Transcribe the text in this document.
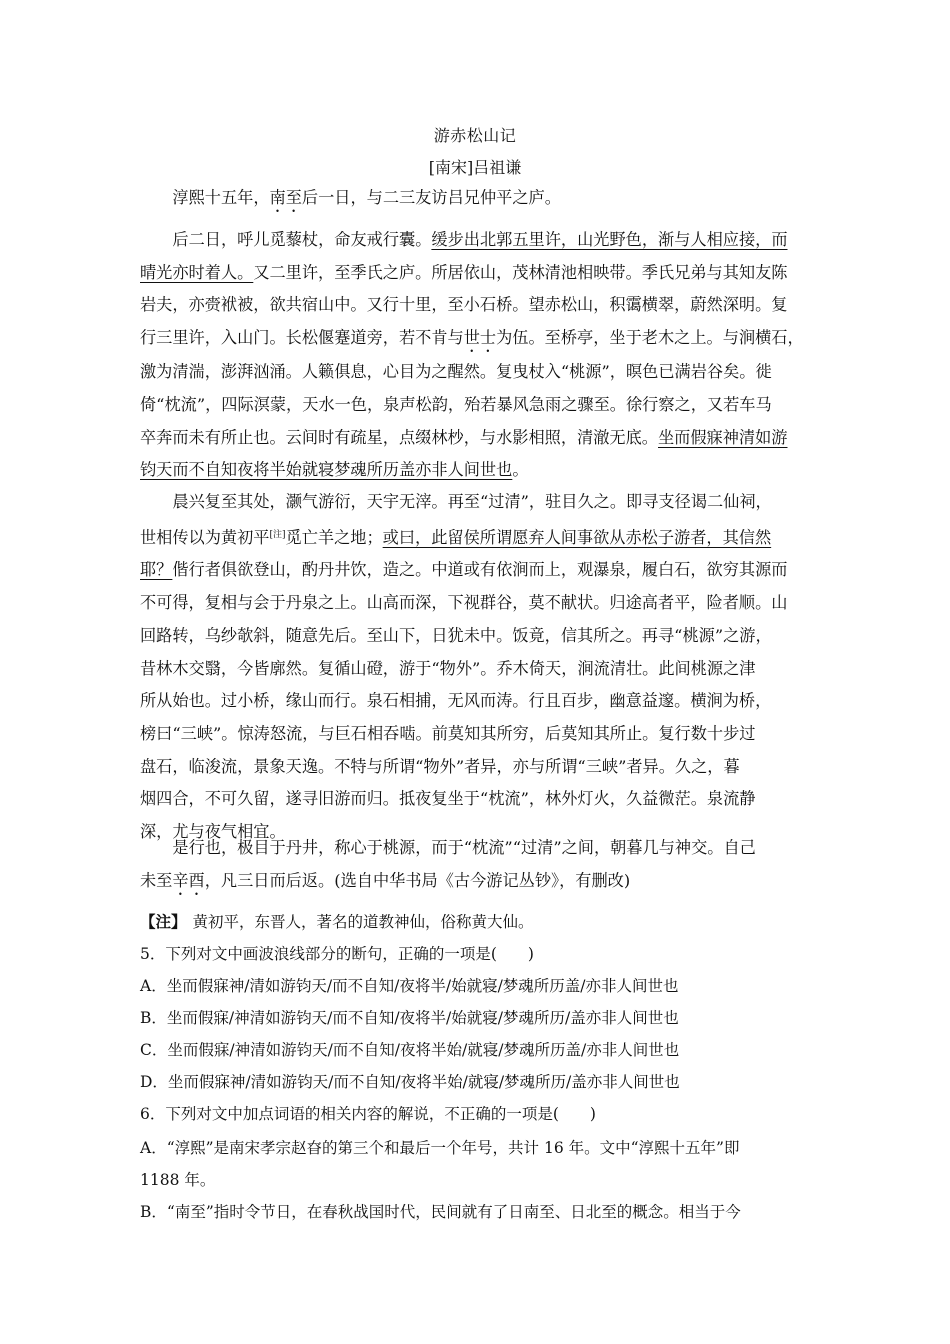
游赤松山记
[南宋]吕祖谦
淳熙十五年，南至后一日，与二三友访吕兄仲平之庐。
后二日，呼儿觅藜杖，命友戒行囊。缓步出北郭五里许，山光野色，渐与人相应接，而
晴光亦时着人。又二里许，至季氏之庐。所居依山，茂林清池相映带。季氏兄弟与其知友陈
岩夫，亦赍袱被，欲共宿山中。又行十里，至小石桥。望赤松山，积霭横翠，蔚然深明。复
行三里许，入山门。长松偃蹇道旁，若不肯与世士为伍。至桥亭，坐于老木之上。与涧横石，
激为清湍，澎湃汹涌。人籁俱息，心目为之醒然。复曳杖入“桃源”，暝色已满岩谷矣。徙
倚“枕流”，四际溟蒙，天水一色，泉声松韵，殆若暴风急雨之骤至。徐行察之，又若车马
卒奔而未有所止也。云间时有疏星，点缀林杪，与水影相照，清澈无底。坐而假寐神清如游
钧天而不自知夜将半始就寝梦魂所历盖亦非人间世也。
晨兴复至其处，灏气游衍，天宇无滓。再至“过清”，驻目久之。即寻支径谒二仙祠，
世相传以为黄初平[注]觅亡羊之地；或曰，此留侯所谓愿弃人间事欲从赤松子游者，其信然
耶？偕行者俱欲登山，酌丹井饮，造之。中道或有依涧而上，观瀑泉，履白石，欲穷其源而
不可得，复相与会于丹泉之上。山高而深，下视群谷，莫不献状。归途高者平，险者顺。山
回路转，乌纱欹斜，随意先后。至山下，日犹未中。饭竟，信其所之。再寻“桃源”之游，
昔林木交翳，今皆廓然。复循山磴，游于“物外”。乔木倚天，涧流清壮。此间桃源之津
所从始也。过小桥，缘山而行。泉石相捕，无风而涛。行且百步，幽意益邃。横涧为桥，
榜曰“三峡”。惊涛怒流，与巨石相吞啮。前莫知其所穷，后莫知其所止。复行数十步过
盘石，临浚流，景象天逸。不特与所谓“物外”者异，亦与所谓“三峡”者异。久之，暮
烟四合，不可久留，遂寻旧游而归。抵夜复坐于“枕流”，林外灯火，久益微茫。泉流静
深，尤与夜气相宜。
是行也，极目于丹井，称心于桃源，而于“枕流”“过清”之间，朝暮几与神交。自己
未至辛酉，凡三日而后返。(选自中华书局《古今游记丛钞》，有删改)
【注】 黄初平，东晋人，著名的道教神仙，俗称黄大仙。
5．下列对文中画波浪线部分的断句，正确的一项是(　　)
A．坐而假寐神/清如游钧天/而不自知/夜将半/始就寝/梦魂所历盖/亦非人间世也
B．坐而假寐/神清如游钧天/而不自知/夜将半/始就寝/梦魂所历/盖亦非人间世也
C．坐而假寐/神清如游钧天/而不自知/夜将半始/就寝/梦魂所历盖/亦非人间世也
D．坐而假寐神/清如游钧天/而不自知/夜将半始/就寝/梦魂所历/盖亦非人间世也
6．下列对文中加点词语的相关内容的解说，不正确的一项是(　　)
A．“淳熙”是南宋孝宗赵昚的第三个和最后一个年号，共计 16 年。文中“淳熙十五年”即
1188 年。
B．“南至”指时令节日，在春秋战国时代，民间就有了日南至、日北至的概念。相当于今
